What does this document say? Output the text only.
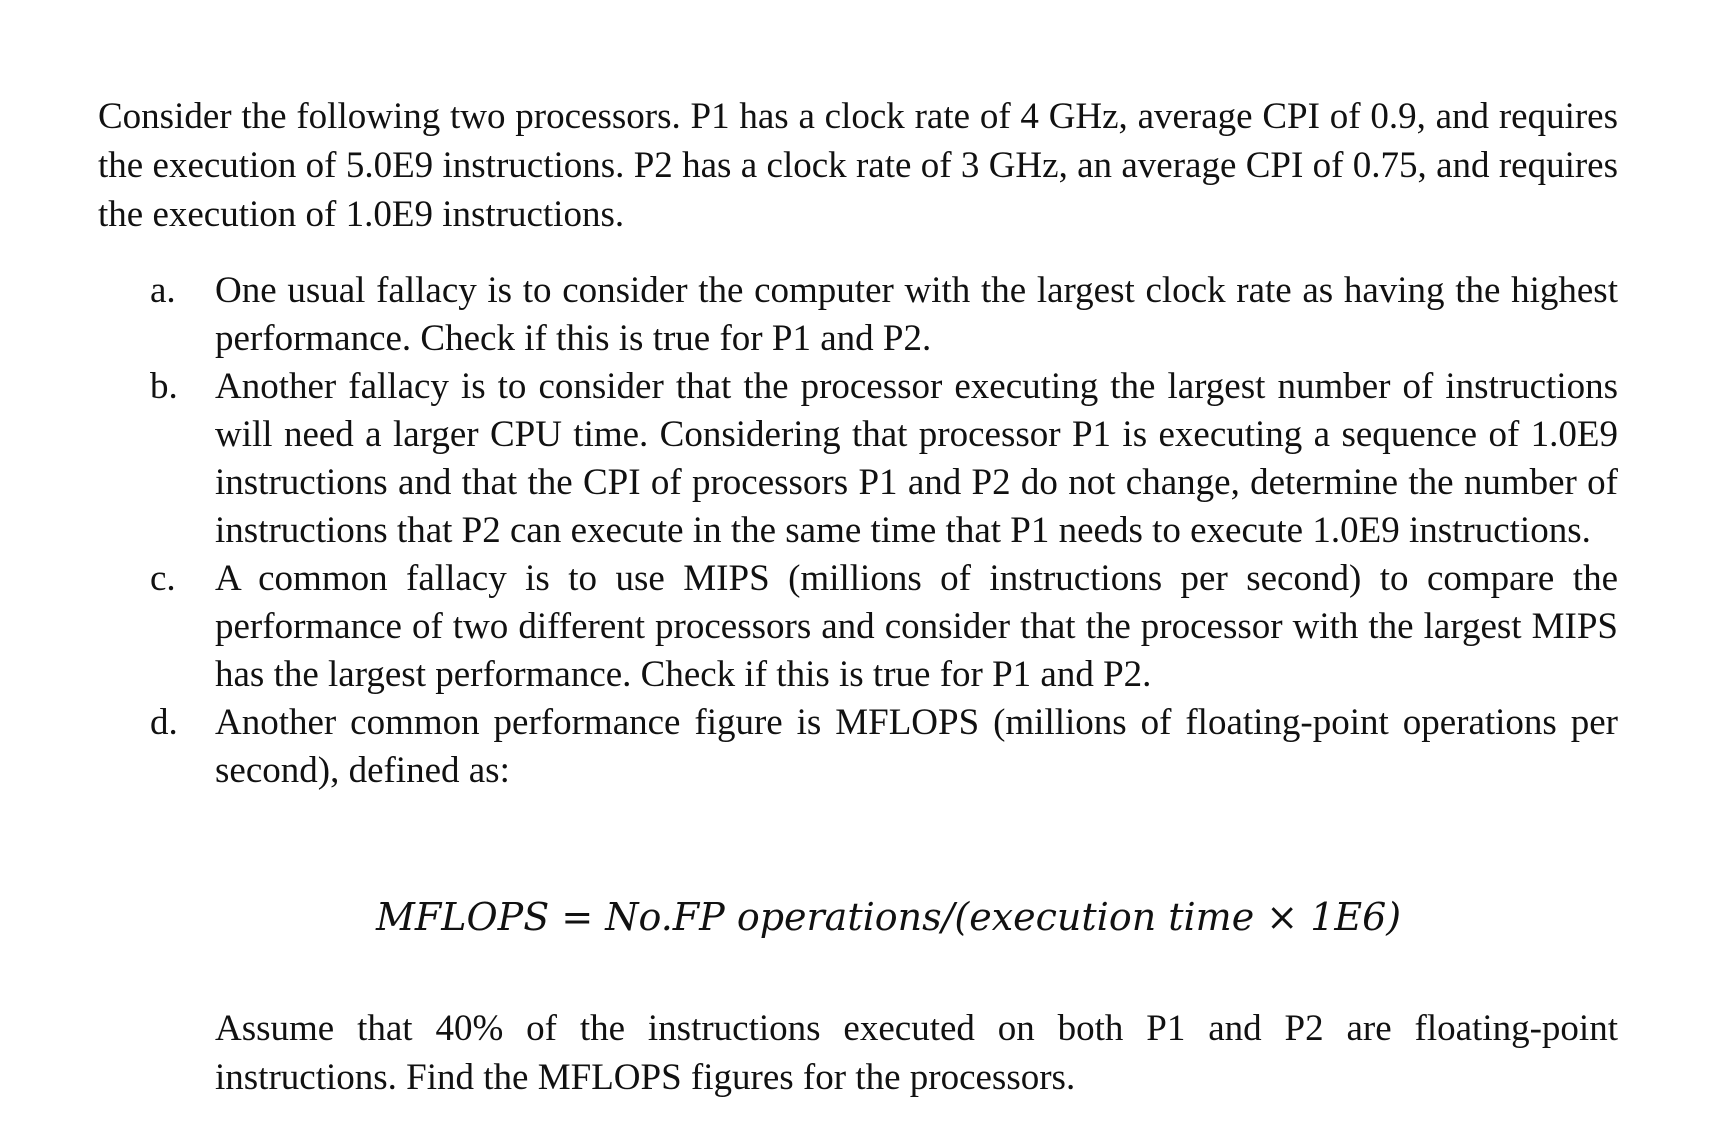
Consider the following two processors. P1 has a clock rate of 4 GHz, average CPI of 0.9, and requires the execution of 5.0E9 instructions. P2 has a clock rate of 3 GHz, an average CPI of 0.75, and requires the execution of 1.0E9 instructions.

a.	One usual fallacy is to consider the computer with the largest clock rate as having the highest performance. Check if this is true for P1 and P2.
b.	Another fallacy is to consider that the processor executing the largest number of instructions will need a larger CPU time. Considering that processor P1 is executing a sequence of 1.0E9 instructions and that the CPI of processors P1 and P2 do not change, determine the number of instructions that P2 can execute in the same time that P1 needs to execute 1.0E9 instructions.
c.	A common fallacy is to use MIPS (millions of instructions per second) to compare the performance of two different processors and consider that the processor with the largest MIPS has the largest performance. Check if this is true for P1 and P2.
d.	Another common performance figure is MFLOPS (millions of floating-point operations per second), defined as:

MFLOPS = No.FP operations/(execution time × 1E6)

Assume that 40% of the instructions executed on both P1 and P2 are floating-point instructions. Find the MFLOPS figures for the processors.
